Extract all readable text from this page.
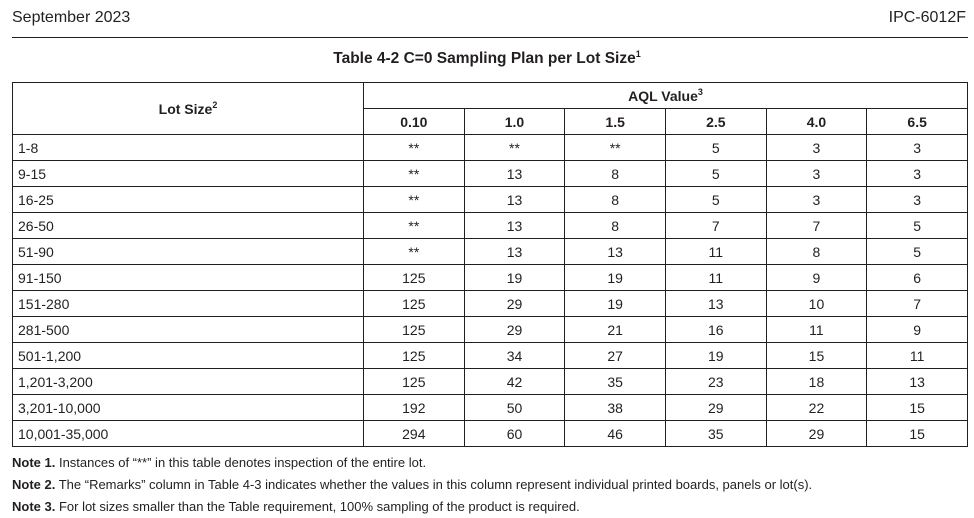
September 2023	IPC-6012F
Table 4-2 C=0 Sampling Plan per Lot Size$^1$
Lot Size$^2$	AQL Value$^3$
	0.10	1.0	1.5	2.5	4.0	6.5
1-8	**	**	**	5	3	3
9-15	**	13	8	5	3	3
16-25	**	13	8	5	3	3
26-50	**	13	8	7	7	5
51-90	**	13	13	11	8	5
91-150	125	19	19	11	9	6
151-280	125	29	19	13	10	7
281-500	125	29	21	16	11	9
501-1,200	125	34	27	19	15	11
1,201-3,200	125	42	35	23	18	13
3,201-10,000	192	50	38	29	22	15
10,001-35,000	294	60	46	35	29	15
Note 1. Instances of “**” in this table denotes inspection of the entire lot.
Note 2. The “Remarks” column in Table 4-3 indicates whether the values in this column represent individual printed boards, panels or lot(s).
Note 3. For lot sizes smaller than the Table requirement, 100% sampling of the product is required.
